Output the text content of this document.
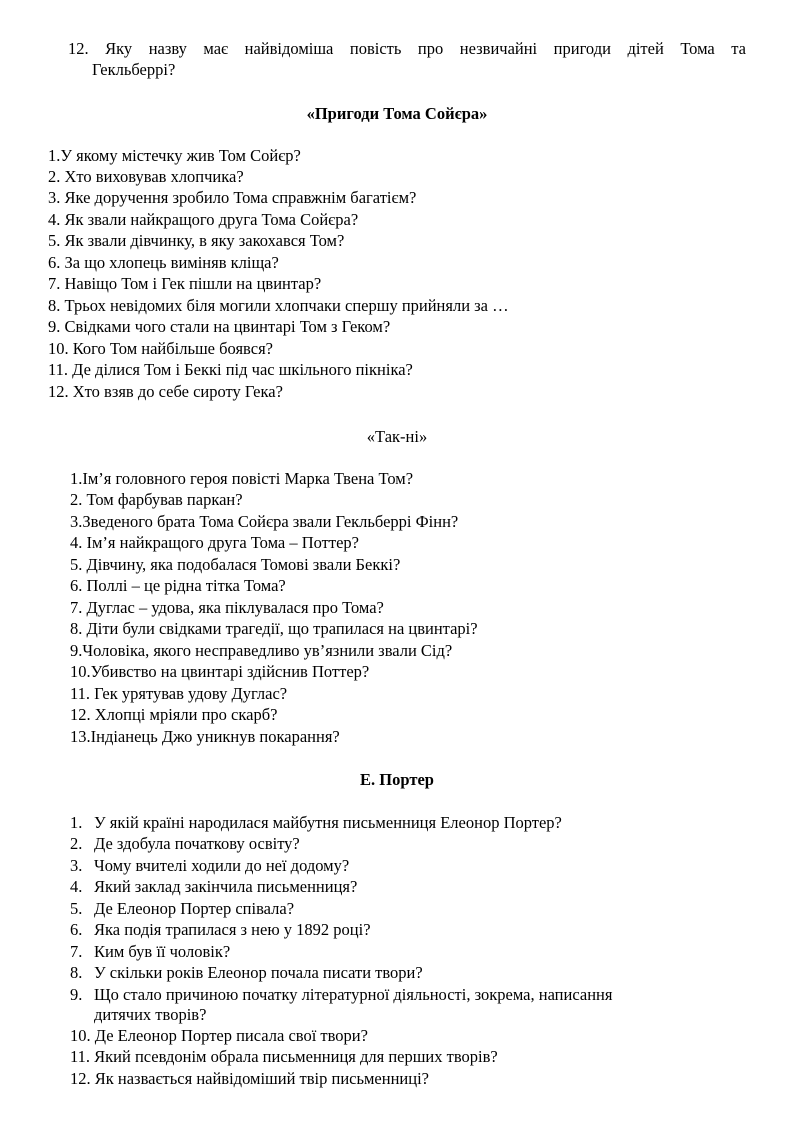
12. Яку назву має найвідоміша повість про незвичайні пригоди дітей Тома та
Гекльберрі?
«Пригоди Тома Сойєра»
1.У якому містечку жив Том Сойєр?
2. Хто виховував хлопчика?
3. Яке доручення зробило Тома справжнім багатієм?
4. Як звали найкращого друга Тома Сойєра?
5. Як звали дівчинку, в яку закохався Том?
6. За що хлопець виміняв кліща?
7. Навіщо Том і Гек пішли на цвинтар?
8. Трьох невідомих біля могили хлопчаки спершу прийняли за …
9. Свідками чого стали на цвинтарі Том з Геком?
10. Кого Том найбільше боявся?
11. Де ділися Том і Беккі під час шкільного пікніка?
12. Хто взяв до себе сироту Гека?
«Так-ні»
1.Ім’я головного героя повісті Марка Твена Том?
2. Том фарбував паркан?
3.Зведеного брата Тома Сойєра звали Гекльберрі Фінн?
4. Ім’я найкращого друга Тома – Поттер?
5. Дівчину, яка подобалася Томові звали Беккі?
6. Поллі – це рідна тітка Тома?
7. Дуглас – удова, яка піклувалася про Тома?
8. Діти були свідками трагедії, що трапилася на цвинтарі?
9.Чоловіка, якого несправедливо ув’язнили звали Сід?
10.Убивство на цвинтарі здійснив Поттер?
11. Гек урятував удову Дуглас?
12. Хлопці мріяли про скарб?
13.Індіанець Джо уникнув покарання?
Е. Портер
1. У якій країні народилася майбутня письменниця Елеонор Портер?
2. Де здобула початкову освіту?
3. Чому вчителі ходили до неї додому?
4. Який заклад закінчила письменниця?
5. Де Елеонор Портер співала?
6. Яка подія трапилася з нею у 1892 році?
7. Ким був її чоловік?
8. У скільки років Елеонор почала писати твори?
9. Що стало причиною початку літературної діяльності, зокрема, написання
дитячих творів?
10. Де Елеонор Портер писала свої твори?
11. Який псевдонім обрала письменниця для перших творів?
12. Як назвається найвідоміший твір письменниці?
